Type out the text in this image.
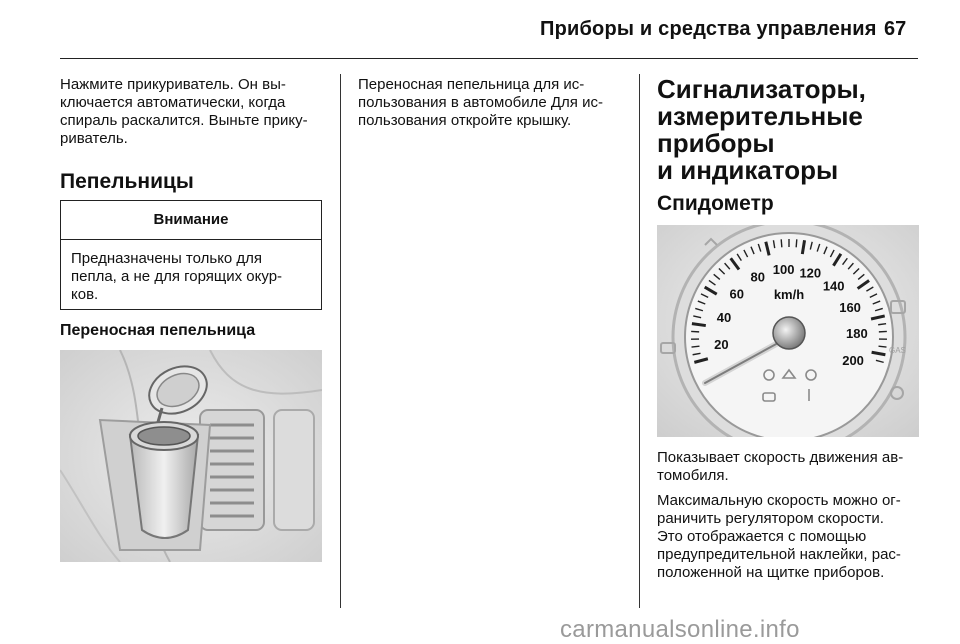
Приборы и средства управления 67
Нажмите прикуриватель. Он вы-
ключается автоматически, когда
спираль раскалится. Выньте прику-
риватель.
Пепельницы
Внимание
Предназначены только для
пепла, а не для горящих окур-
ков.
Переносная пепельница
Переносная пепельница для ис-
пользования в автомобиле Для ис-
пользования откройте крышку.
Сигнализаторы,
измерительные
приборы
и индикаторы
Спидометр
GAS
20
40
60
80 100 120
140
160
180
200
km/h
Показывает скорость движения ав-
томобиля.
Максимальную скорость можно ог-
раничить регулятором скорости.
Это отображается с помощью
предупредительной наклейки, рас-
положенной на щитке приборов.
carmanualsonline.info
